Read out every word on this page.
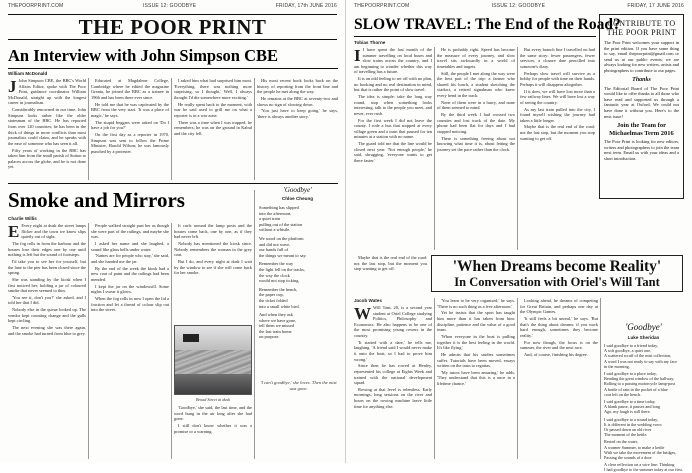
THEPOORPRINT.COM	ISSUE 12: GOODBYE	FRIDAY, 17th JUNE 2016
THE POOR PRINT
An Interview with John Simpson CBE
William McDonald

J John Simpson CBE, the BBC's World Affairs Editor, spoke with The Poor Print, guidance coordinator William McDonald, straight up with the longest career in journalism.

Considerably renowned in our time, John Simpson looks rather like the older statesman of the BBC. He has reported from over 120 countries; he has been in the thick of things in more conflicts than most journalists could claim, and he speaks with the ease of someone who has seen it all.

Fifty years of working in the BBC has taken him from the small parish of Sutton to palaces across the globe, and he is not done yet.

Educated at Magdalene College, Cambridge where he edited the magazine Granta, he joined the BBC as a trainee in 1966 and has been there ever since.

He told me that he was captivated by the BBC from the very start. 'It was a place of magic,' he says.

The stupid beggars were asked on 'Do I have a job for you?'

On the first day as a reporter in 1970, Simpson was sent to follow the Prime Minister, Harold Wilson; he was famously punched by a protester.

I asked him what had surprised him most. 'Everything, there was nothing more surprising, so I thought,' Well, I always thought I'd die somewhere more exciting.'

He really spent back to the moment, with war he said used to grill me on what a reporter is in a war zone.

There was a time when I was trapped, he remembers; he was on the ground in Kabul and the city fell.

His most recent book looks back on the history of reporting from the front line and the people he met along the way.

He remains at the BBC at seventy-two and shows no sign of slowing down.

'You just have to keep going,' he says, 'there is always another story.'

Smoke and Mirrors
Charlie Willis

E Every night at dusk the street lamps flicker and the town we know slips quietly out of sight.

The fog rolls in from the harbour and the houses lose their edges one by one until nothing is left but the sound of footsteps.

I'd take you to see her for yourself, but the lane to the pier has been closed since the spring.

She was standing by the kiosk when I first noticed her, holding a jar of coloured smoke that never seemed to thin.

'You see it, don't you?' she asked, and I told her that I did.

Nobody else in the queue looked up. The vendor kept counting change and the gulls kept circling.

The next evening she was there again, and the smoke had turned from blue to grey.

People walked straight past her as though she were part of the railings, and maybe she was.

I asked her name and she laughed, a sound like glass bells under water.

'Names are for people who stay,' she said, and she handed me the jar.

By the end of the week the kiosk had a new coat of paint and the railings had been mended.

I kept the jar on the windowsill. Some nights I swear it glows.

When the fog rolls in now I open the lid a fraction and let a thread of colour slip out into the street.

It curls around the lamp posts and the houses come back, one by one, as if they had never left.

Nobody has mentioned the kiosk since. Nobody remembers the woman in the grey coat.

But I do, and every night at dusk I wait by the window to see if she will come back for her smoke.

Broad Street at dusk

'Goodbye,' she said, the last time, and the word hung in the air long after she had gone.

I still don't know whether it was a promise or a warning.

'Goodbye'
Chloe Cheung
Something has slipped
into the afternoon,
a quiet train
pulling out of the station
without a whistle.
We stood on the platform
and did not wave,
our hands full of
the things we meant to say.
Remember the way
the light fell on the tracks,
the way the clock
would not stop ticking.
Remember the bench,
the paper cup,
the ticket folded
into a small white bird.
And when they ask
where we have gone,
tell them we missed
the last train home
on purpose.
'I can't goodbye,' she loves. Then the mist was gone.
THEPOORPRINT.COM	ISSUE 12: GOODBYE	FRIDAY, 17 JUNE 2016
SLOW TRAVEL: The End of the Road?
Tobias Thorne

I I have spent the last month of the summer travelling on local buses and slow trains across the country, and I am beginning to wonder whether this way of travelling has a future.

It is an odd feeling to set off with no plan, no booking and no real destination in mind, but that is rather the point of slow travel.

The idea is simple: take the long way round, stop when something looks interesting, talk to the people you meet, and never, ever rush.

For the first week I did not leave the county. I rode a bus that stopped at every village green and a train that paused for ten minutes at a station with no name.

The guard told me that the line would be closed next year. 'Not enough people,' he said, shrugging, 'everyone wants to get there faster.'

He is probably right. Speed has become the measure of every journey, and slow travel sits awkwardly in a world of timetables and targets.

Still, the people I met along the way were the best part of the trip: a farmer who shared his lunch, a student sketching the viaduct, a retired signalman who knew every bend in the track.

None of them were in a hurry, and none of them seemed to mind.

By the third week I had crossed two counties and lost track of the date. My phone had been flat for days and I had stopped noticing.

There is something freeing about not knowing what time it is, about letting the journey set the pace rather than the clock.

But every branch line I travelled on had the same story: fewer passengers, fewer services, a closure date pencilled into someone's diary.

Perhaps slow travel will survive as a hobby for people with time on their hands. Perhaps it will disappear altogether.

If it does, we will have lost more than a few railway lines. We will have lost a way of seeing the country.

As my last train pulled into the city, I found myself wishing the journey had taken a little longer.

Maybe that is the real end of the road: not the last stop, but the moment you stop wanting to get off.

CONTRIBUTE TO THE POOR PRINT

The Poor Print welcomes your support in the print edition. If you have some thing to say, email thepoorprint@gmail.com or send us at our public events; we are always looking for new writers, artists and photographers to contribute to our pages.

Thanks

The Editorial Board of The Poor Print would like to offer thanks to all those who have read and supported us through a fantastic year at Oxford. We could not have done it without you. Here's to the next issue!

Join the Team for Michaelmas Term 2016

The Poor Print is looking for new editors, writers and photographers to join the team next term. Email us with your ideas and a short introduction.

Maybe that is the real end of the road: not the last stop, but the moment you stop wanting to get off.	'When Dreams become Reality'
In Conversation with Oriel's Will Tant
Jacob Wates

W Will Tant, 20, is a second year student at Oriel College studying Politics, Philosophy and Economics. He also happens to be one of the most promising young rowers in the country.

'It started with a dare,' he tells me, laughing. 'A friend said I would never make it onto the boat, so I had to prove him wrong.'

Since then he has rowed at Henley, represented his college at Eights Week and trained with the national development squad.

Rowing at that level is relentless. Early mornings, long sessions on the river and hours on the rowing machine leave little time for anything else.

'You learn to be very organised,' he says. 'There is no such thing as a free afternoon.'

Yet he insists that the sport has taught him more than it has taken from him: discipline, patience and the value of a good team.

'When everyone in the boat is pulling together it is the best feeling in the world. It's like flying.'

He admits that his studies sometimes suffer. Tutorials have been moved, essays written on the train to regattas.

'My tutors have been amazing,' he adds. 'They understand that this is a once in a lifetime chance.'

Looking ahead, he dreams of competing for Great Britain, and perhaps one day at the Olympic Games.

'It still feels a bit unreal,' he says. 'But that's the thing about dreams: if you work hard enough, sometimes they become reality.'

For now though, the focus is on the summer, the river and the next race.

And, of course, finishing his degree.

'Goodbye'
Luke Sheridan
I said goodbye to a friend today,
A soft goodbye, a quiet one,
A scattered scruff of the mist collection,
A word I was not ready to say with my face
in the morning.
I said goodbye to a place today,
Bending the great window of the hallway,
Rolling to a passing motorcycle lamp-post
A bottle of rain in the pocket of a blue
coat left on the bench.
I said goodbye to a time today,
A blank pause, it pauses and long
Ago, my laugh is still there.
I said goodbye to a sound today,
It is different in the wedding vows
Or passed down an old river
The moment of the kettle.
Rested on the water,
A warmer Summer, to make a kettle
With we take the movement of the bridges,
Passing the sounds of a door
A clear reflection on a wire line: Thinking
I had goodbye to the summer today at our first.
